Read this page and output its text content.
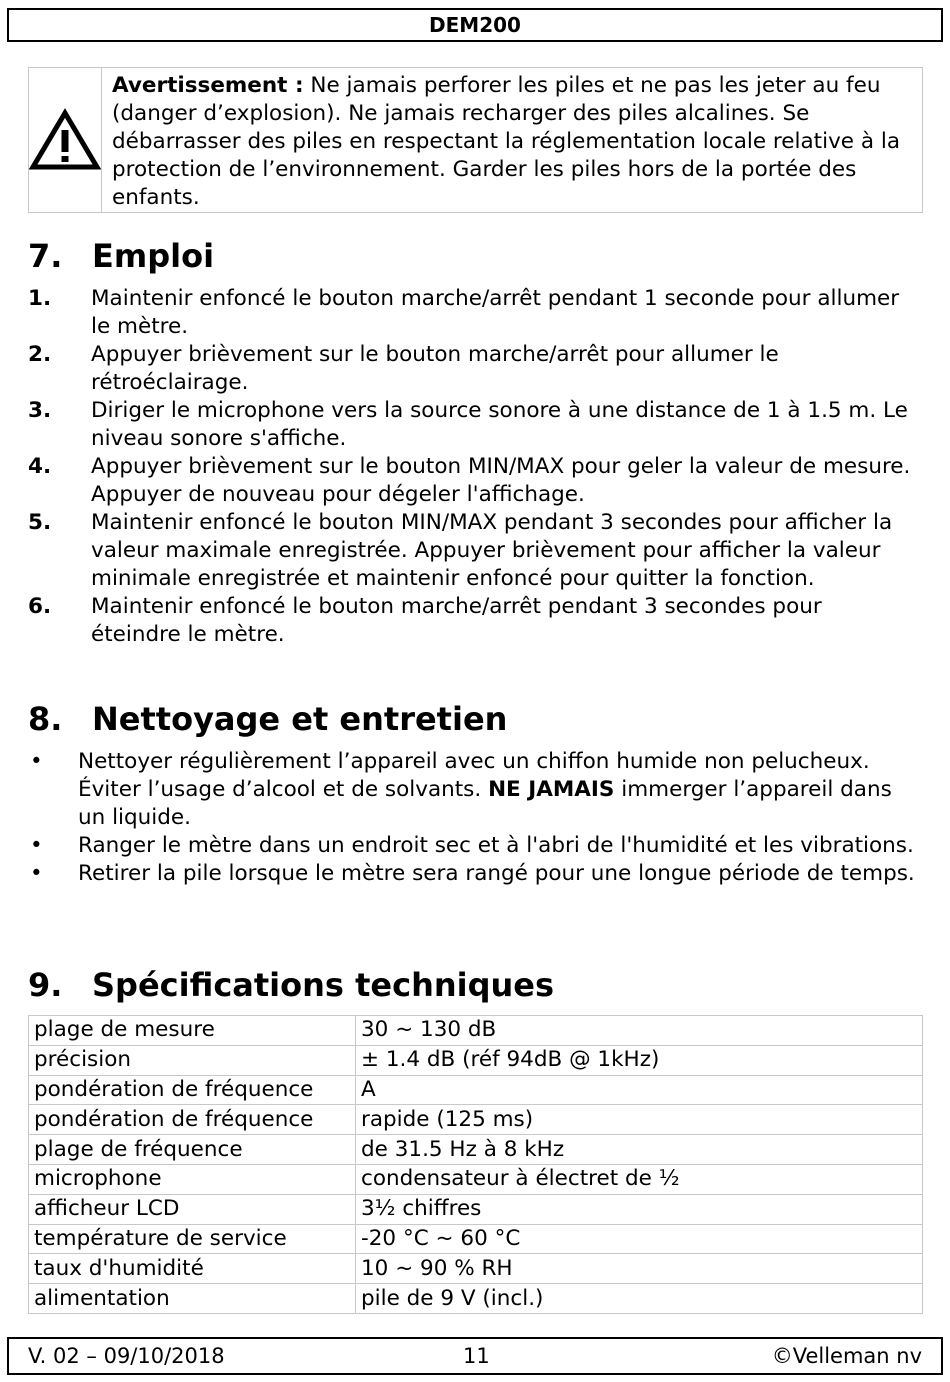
DEM200
Avertissement : Ne jamais perforer les piles et ne pas les jeter au feu (danger d’explosion). Ne jamais recharger des piles alcalines. Se débarrasser des piles en respectant la réglementation locale relative à la protection de l’environnement. Garder les piles hors de la portée des enfants.
7. Emploi
1. Maintenir enfoncé le bouton marche/arrêt pendant 1 seconde pour allumer le mètre.
2. Appuyer brièvement sur le bouton marche/arrêt pour allumer le rétroéclairage.
3. Diriger le microphone vers la source sonore à une distance de 1 à 1.5 m. Le niveau sonore s'affiche.
4. Appuyer brièvement sur le bouton MIN/MAX pour geler la valeur de mesure. Appuyer de nouveau pour dégeler l'affichage.
5. Maintenir enfoncé le bouton MIN/MAX pendant 3 secondes pour afficher la valeur maximale enregistrée. Appuyer brièvement pour afficher la valeur minimale enregistrée et maintenir enfoncé pour quitter la fonction.
6. Maintenir enfoncé le bouton marche/arrêt pendant 3 secondes pour éteindre le mètre.
8. Nettoyage et entretien
• Nettoyer régulièrement l’appareil avec un chiffon humide non pelucheux. Éviter l’usage d’alcool et de solvants. NE JAMAIS immerger l’appareil dans un liquide.
• Ranger le mètre dans un endroit sec et à l'abri de l'humidité et les vibrations.
• Retirer la pile lorsque le mètre sera rangé pour une longue période de temps.
9. Spécifications techniques
plage de mesure	30 ~ 130 dB
précision	± 1.4 dB (réf 94dB @ 1kHz)
pondération de fréquence	A
pondération de fréquence	rapide (125 ms)
plage de fréquence	de 31.5 Hz à 8 kHz
microphone	condensateur à électret de ½
afficheur LCD	3½ chiffres
température de service	-20 °C ~ 60 °C
taux d'humidité	10 ~ 90 % RH
alimentation	pile de 9 V (incl.)
V. 02 – 09/10/2018	11	©Velleman nv
